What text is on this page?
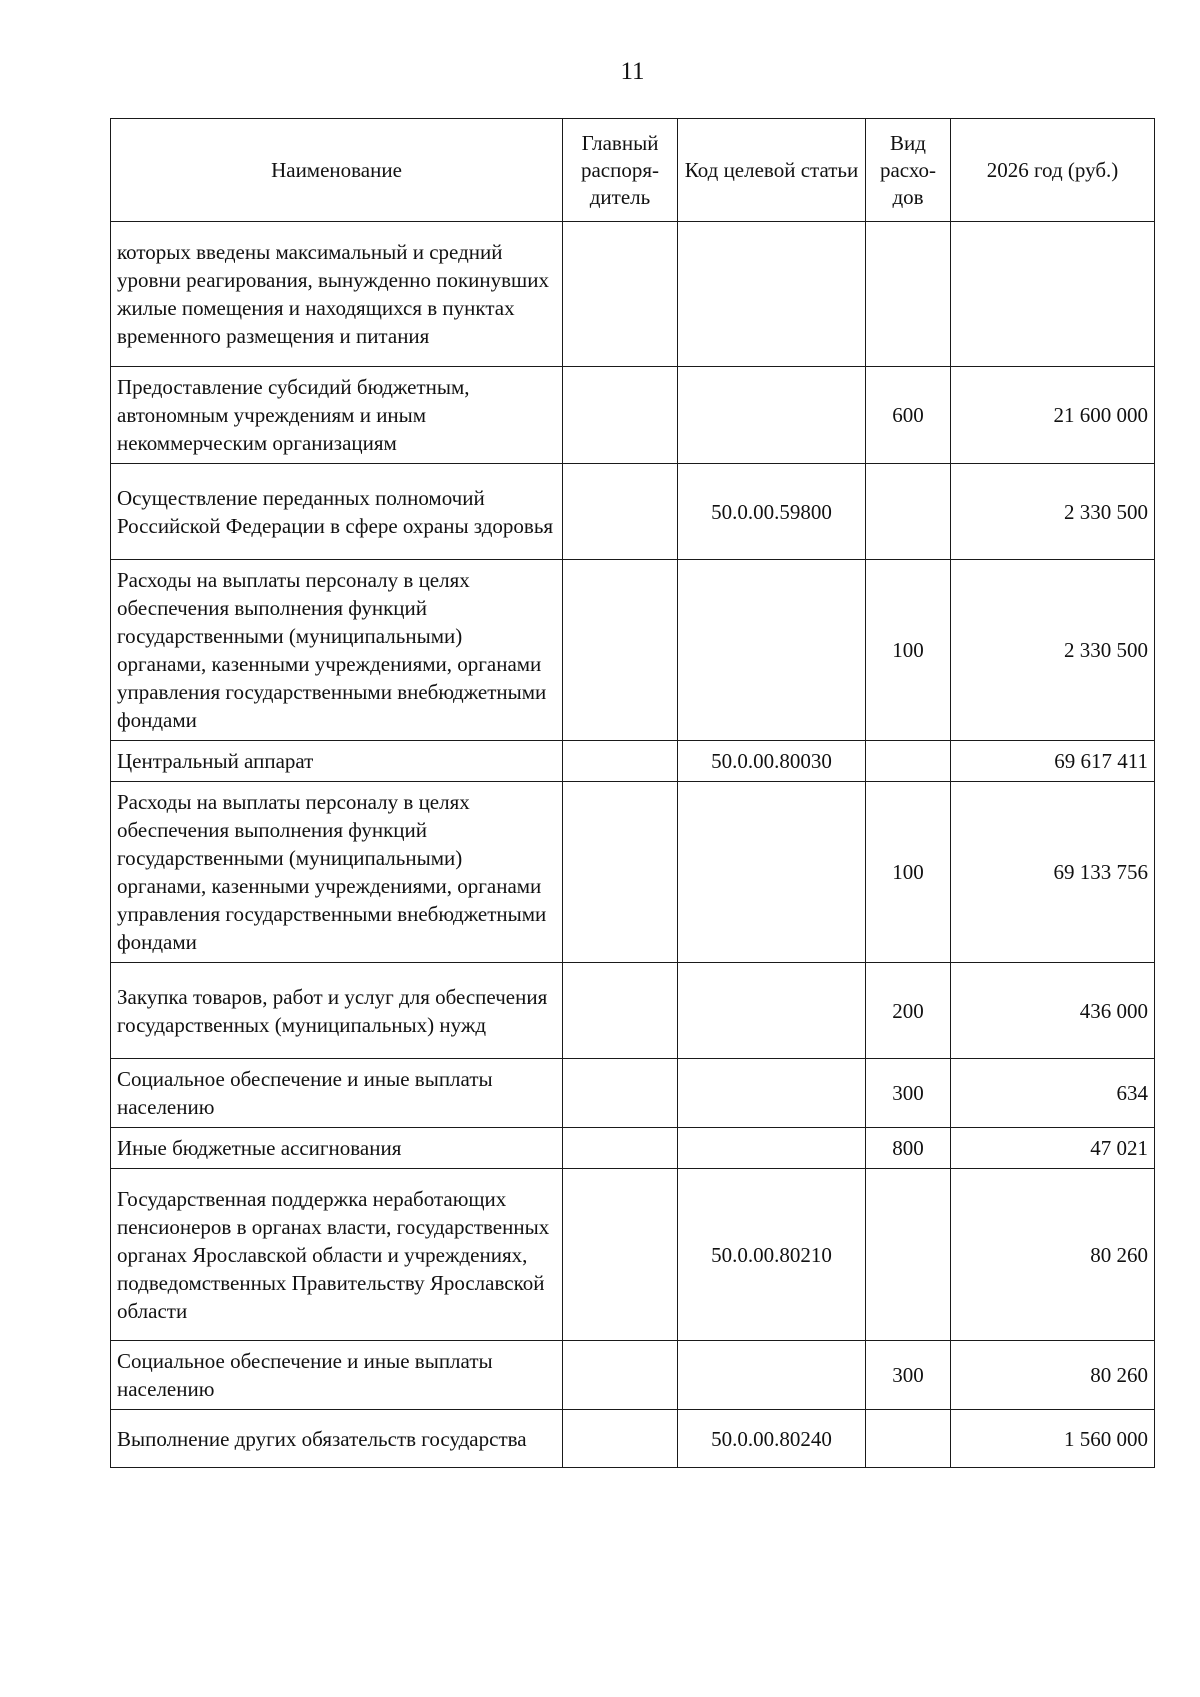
11
Наименование	Главный распоря-дитель	Код целевой статьи	Вид расхо-дов	2026 год (руб.)
которых введены максимальный и средний уровни реагирования, вынужденно покинувших жилые помещения и находящихся в пунктах временного размещения и питания				
Предоставление субсидий бюджетным, автономным учреждениям и иным некоммерческим организациям			600	21 600 000
Осуществление переданных полномочий Российской Федерации в сфере охраны здоровья		50.0.00.59800		2 330 500
Расходы на выплаты персоналу в целях обеспечения выполнения функций государственными (муниципальными) органами, казенными учреждениями, органами управления государственными внебюджетными фондами			100	2 330 500
Центральный аппарат		50.0.00.80030		69 617 411
Расходы на выплаты персоналу в целях обеспечения выполнения функций государственными (муниципальными) органами, казенными учреждениями, органами управления государственными внебюджетными фондами			100	69 133 756
Закупка товаров, работ и услуг для обеспечения государственных (муниципальных) нужд			200	436 000
Социальное обеспечение и иные выплаты населению			300	634
Иные бюджетные ассигнования			800	47 021
Государственная поддержка неработающих пенсионеров в органах власти, государственных органах Ярославской области и учреждениях, подведомственных Правительству Ярославской области		50.0.00.80210		80 260
Социальное обеспечение и иные выплаты населению			300	80 260
Выполнение других обязательств государства		50.0.00.80240		1 560 000
